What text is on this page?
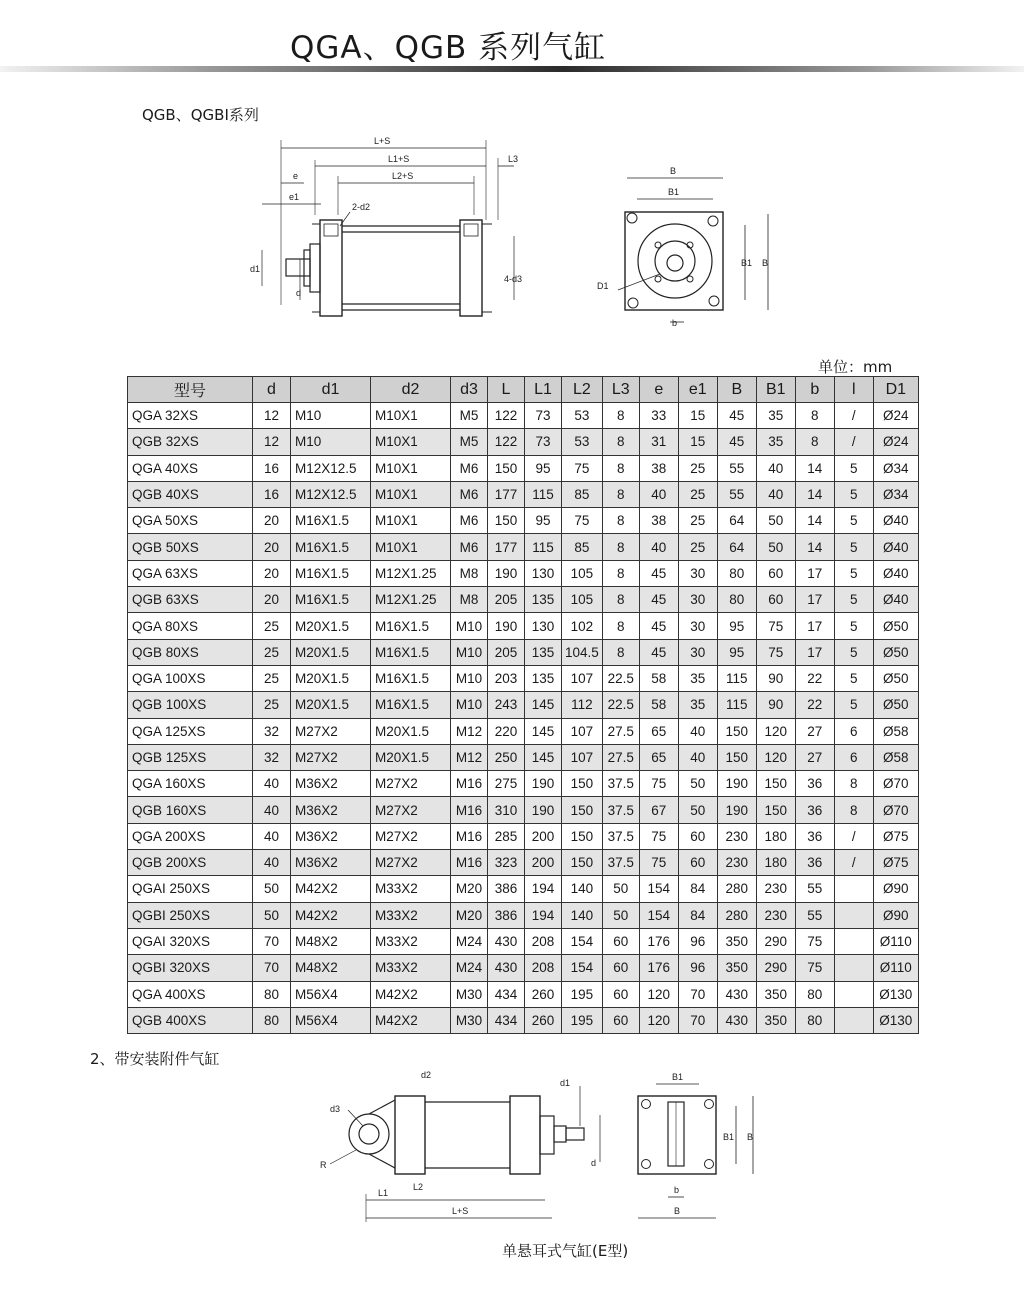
QGA、QGB 系列气缸
QGB、QGBI系列
L+S
L1+S
L2+S
L3
e
e1
2-d2
d1
d
4-d3
B
B1
D1
B1 B
b
d2
d1
d3
R	d
L1
L2
L+S
B1
B1 B
b
B
单位：mm
型号	d	d1	d2	d3	L	L1	L2	L3	e	e1	B	B1	b	l	D1
QGA 32XS	12	M10	M10X1	M5	122	73	53	8	33	15	45	35	8	/	Ø24
QGB 32XS	12	M10	M10X1	M5	122	73	53	8	31	15	45	35	8	/	Ø24
QGA 40XS	16	M12X12.5	M10X1	M6	150	95	75	8	38	25	55	40	14	5	Ø34
QGB 40XS	16	M12X12.5	M10X1	M6	177	115	85	8	40	25	55	40	14	5	Ø34
QGA 50XS	20	M16X1.5	M10X1	M6	150	95	75	8	38	25	64	50	14	5	Ø40
QGB 50XS	20	M16X1.5	M10X1	M6	177	115	85	8	40	25	64	50	14	5	Ø40
QGA 63XS	20	M16X1.5	M12X1.25	M8	190	130	105	8	45	30	80	60	17	5	Ø40
QGB 63XS	20	M16X1.5	M12X1.25	M8	205	135	105	8	45	30	80	60	17	5	Ø40
QGA 80XS	25	M20X1.5	M16X1.5	M10	190	130	102	8	45	30	95	75	17	5	Ø50
QGB 80XS	25	M20X1.5	M16X1.5	M10	205	135	104.5	8	45	30	95	75	17	5	Ø50
QGA 100XS	25	M20X1.5	M16X1.5	M10	203	135	107	22.5	58	35	115	90	22	5	Ø50
QGB 100XS	25	M20X1.5	M16X1.5	M10	243	145	112	22.5	58	35	115	90	22	5	Ø50
QGA 125XS	32	M27X2	M20X1.5	M12	220	145	107	27.5	65	40	150	120	27	6	Ø58
QGB 125XS	32	M27X2	M20X1.5	M12	250	145	107	27.5	65	40	150	120	27	6	Ø58
QGA 160XS	40	M36X2	M27X2	M16	275	190	150	37.5	75	50	190	150	36	8	Ø70
QGB 160XS	40	M36X2	M27X2	M16	310	190	150	37.5	67	50	190	150	36	8	Ø70
QGA 200XS	40	M36X2	M27X2	M16	285	200	150	37.5	75	60	230	180	36	/	Ø75
QGB 200XS	40	M36X2	M27X2	M16	323	200	150	37.5	75	60	230	180	36	/	Ø75
QGAI 250XS	50	M42X2	M33X2	M20	386	194	140	50	154	84	280	230	55		Ø90
QGBI 250XS	50	M42X2	M33X2	M20	386	194	140	50	154	84	280	230	55		Ø90
QGAI 320XS	70	M48X2	M33X2	M24	430	208	154	60	176	96	350	290	75		Ø110
QGBI 320XS	70	M48X2	M33X2	M24	430	208	154	60	176	96	350	290	75		Ø110
QGA 400XS	80	M56X4	M42X2	M30	434	260	195	60	120	70	430	350	80		Ø130
QGB 400XS	80	M56X4	M42X2	M30	434	260	195	60	120	70	430	350	80		Ø130
2、带安装附件气缸
单悬耳式气缸(E型)
